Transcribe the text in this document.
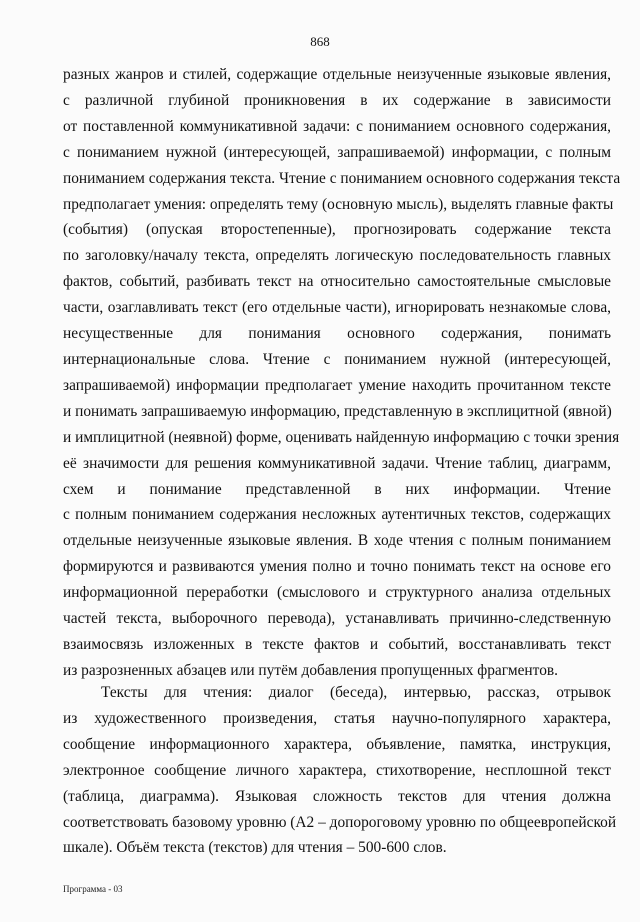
868
разных жанров и стилей, содержащие отдельные неизученные языковые явления,
с различной глубиной проникновения в их содержание в зависимости
от поставленной коммуникативной задачи: с пониманием основного содержания,
с пониманием нужной (интересующей, запрашиваемой) информации, с полным
пониманием содержания текста. Чтение с пониманием основного содержания текста
предполагает умения: определять тему (основную мысль), выделять главные факты
(события) (опуская второстепенные), прогнозировать содержание текста
по заголовку/началу текста, определять логическую последовательность главных
фактов, событий, разбивать текст на относительно самостоятельные смысловые
части, озаглавливать текст (его отдельные части), игнорировать незнакомые слова,
несущественные для понимания основного содержания, понимать
интернациональные слова. Чтение с пониманием нужной (интересующей,
запрашиваемой) информации предполагает умение находить прочитанном тексте
и понимать запрашиваемую информацию, представленную в эксплицитной (явной)
и имплицитной (неявной) форме, оценивать найденную информацию с точки зрения
её значимости для решения коммуникативной задачи. Чтение таблиц, диаграмм,
схем и понимание представленной в них информации. Чтение
с полным пониманием содержания несложных аутентичных текстов, содержащих
отдельные неизученные языковые явления. В ходе чтения с полным пониманием
формируются и развиваются умения полно и точно понимать текст на основе его
информационной переработки (смыслового и структурного анализа отдельных
частей текста, выборочного перевода), устанавливать причинно-следственную
взаимосвязь изложенных в тексте фактов и событий, восстанавливать текст
из разрозненных абзацев или путём добавления пропущенных фрагментов.
Тексты для чтения: диалог (беседа), интервью, рассказ, отрывок
из художественного произведения, статья научно-популярного характера,
сообщение информационного характера, объявление, памятка, инструкция,
электронное сообщение личного характера, стихотворение, несплошной текст
(таблица, диаграмма). Языковая сложность текстов для чтения должна
соответствовать базовому уровню (А2 – допороговому уровню по общеевропейской
шкале). Объём текста (текстов) для чтения – 500-600 слов.
Программа - 03
